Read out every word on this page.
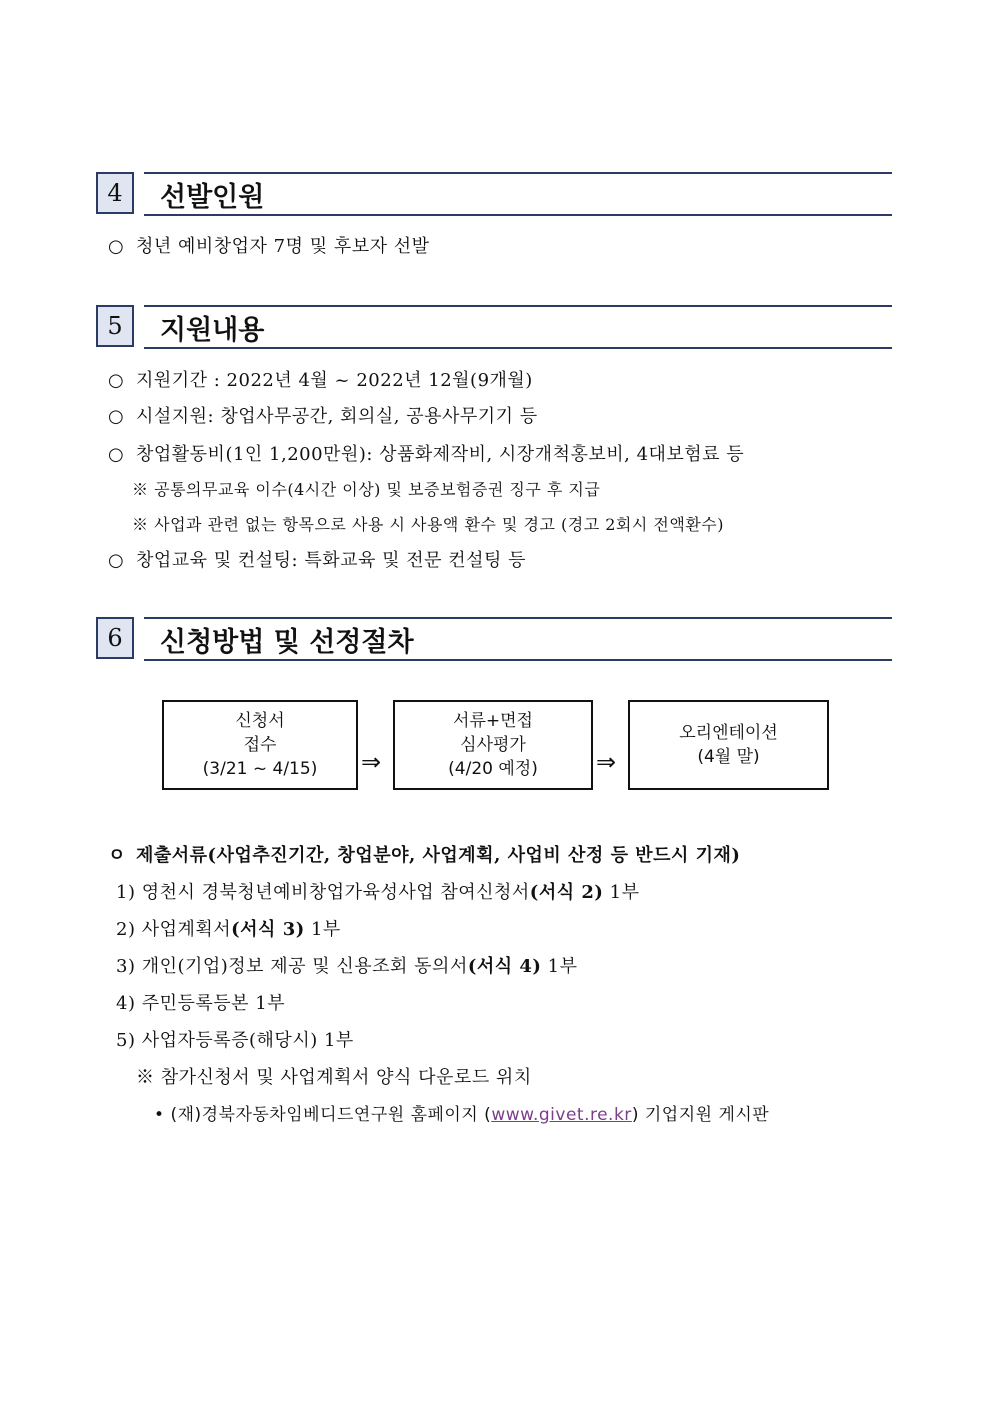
4	선발인원
○ 청년 예비창업자 7명 및 후보자 선발
5	지원내용
○ 지원기간 : 2022년 4월 ~ 2022년 12월(9개월)
○ 시설지원: 창업사무공간, 회의실, 공용사무기기 등
○ 창업활동비(1인 1,200만원): 상품화제작비, 시장개척홍보비, 4대보험료 등
※ 공통의무교육 이수(4시간 이상) 및 보증보험증권 징구 후 지급
※ 사업과 관련 없는 항목으로 사용 시 사용액 환수 및 경고 (경고 2회시 전액환수)
○ 창업교육 및 컨설팅: 특화교육 및 전문 컨설팅 등
6	신청방법 및 선정절차
신청서
접수
(3/21 ~ 4/15) ⇒
서류+면접
심사평가
(4/20 예정) ⇒
오리엔테이션
(4월 말)
ㅇ 제출서류(사업추진기간, 창업분야, 사업계획, 사업비 산정 등 반드시 기재)
1) 영천시 경북청년예비창업가육성사업 참여신청서(서식 2) 1부
2) 사업계획서(서식 3) 1부
3) 개인(기업)정보 제공 및 신용조회 동의서(서식 4) 1부
4) 주민등록등본 1부
5) 사업자등록증(해당시) 1부
※ 참가신청서 및 사업계획서 양식 다운로드 위치
• (재)경북자동차임베디드연구원 홈페이지 (www.givet.re.kr) 기업지원 게시판
